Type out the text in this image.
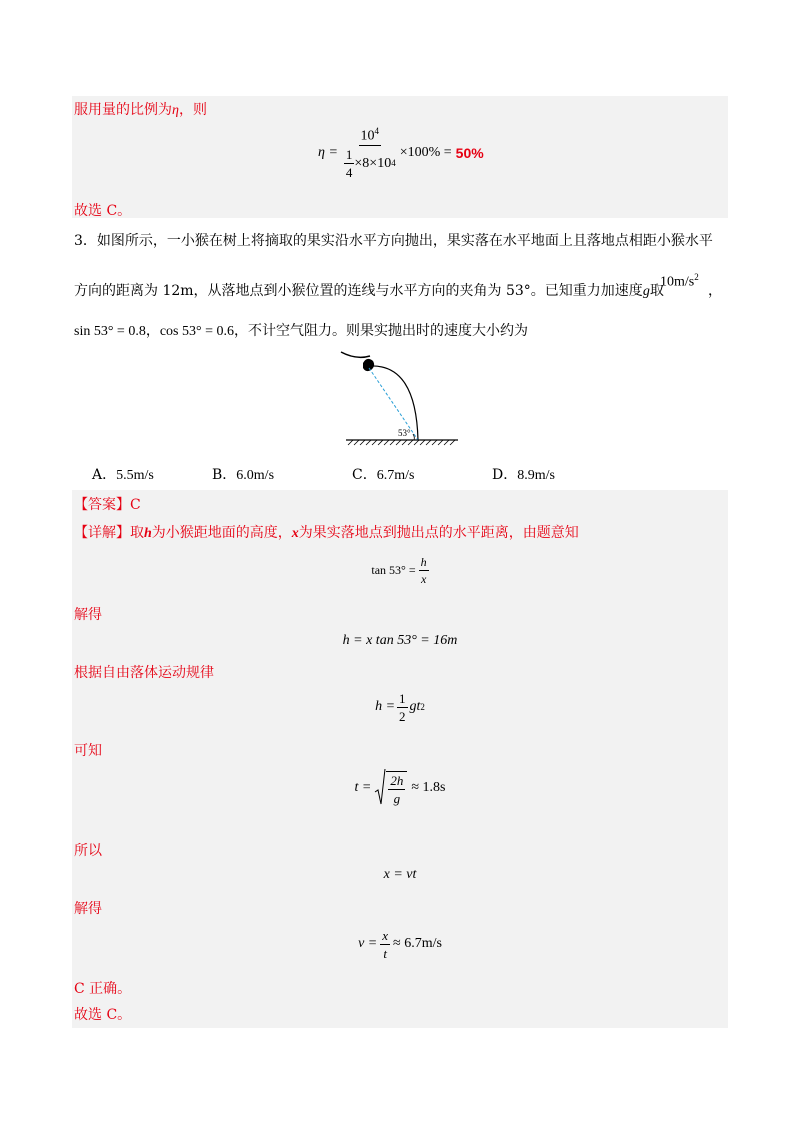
服用量的比例为η，则
$\eta = \frac{10^4}{\frac{1}{4} \times 8\times 10 4} \times 100\% = 50\%$
故选 C。
3．如图所示，一小猴在树上将摘取的果实沿水平方向抛出，果实落在水平地面上且落地点相距小猴水平
方向的距离为 12m，从落地点到小猴位置的连线与水平方向的夹角为 53°。已知重力加速度g取
$10m/s^2$
，
sin 53° = 0.8，cos 53° = 0.6，不计空气阻力。则果实抛出时的速度大小约为
53°
A．5.5m/s	B．6.0m/s	C．6.7m/s	D．8.9m/s
【答案】C
【详解】取h为小猴距地面的高度，x为果实落地点到抛出点的水平距离，由题意知
$\tan 53^\circ = \frac{h}{x}$
解得
h = x tan 53° = 16m
根据自由落体运动规律
$h = \frac{1}{2}$ gt 2
可知
$t = \frac{2h}{g} \approx 1.8s$
所以
x = vt
解得
$v = \frac{x}{t} \approx 6.7m/s$
C 正确。
故选 C。
